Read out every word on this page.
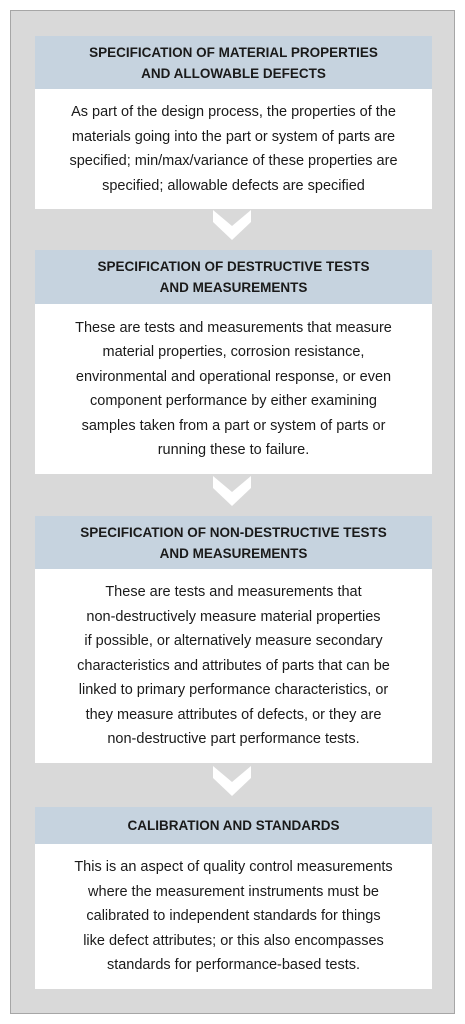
SPECIFICATION OF MATERIAL PROPERTIES
AND ALLOWABLE DEFECTS
As part of the design process, the properties of the
materials going into the part or system of parts are
specified; min/max/variance of these properties are
specified; allowable defects are specified
SPECIFICATION OF DESTRUCTIVE TESTS
AND MEASUREMENTS
These are tests and measurements that measure
material properties, corrosion resistance,
environmental and operational response, or even
component performance by either examining
samples taken from a part or system of parts or
running these to failure.
SPECIFICATION OF NON-DESTRUCTIVE TESTS
AND MEASUREMENTS
These are tests and measurements that
non-destructively measure material properties
if possible, or alternatively measure secondary
characteristics and attributes of parts that can be
linked to primary performance characteristics, or
they measure attributes of defects, or they are
non-destructive part performance tests.
CALIBRATION AND STANDARDS
This is an aspect of quality control measurements
where the measurement instruments must be
calibrated to independent standards for things
like defect attributes; or this also encompasses
standards for performance-based tests.
